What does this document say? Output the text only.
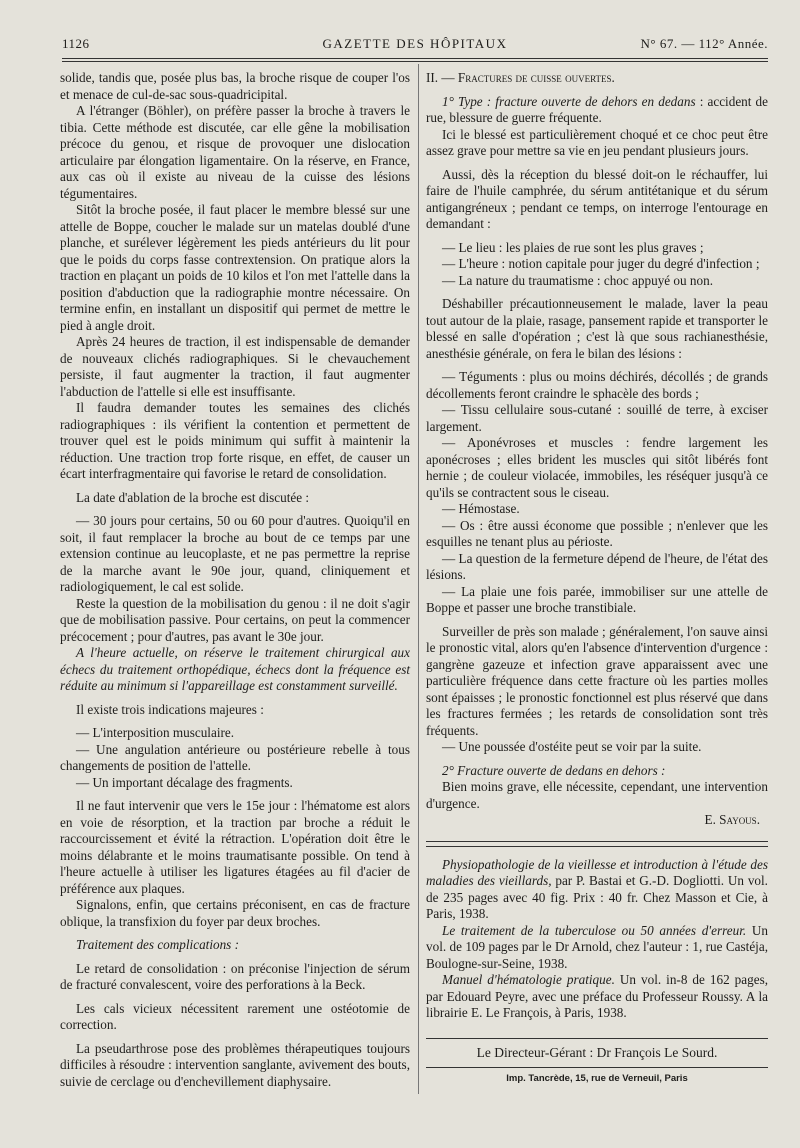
1126	GAZETTE DES HÔPITAUX	N° 67. — 112° Année.

solide, tandis que, posée plus bas, la broche risque de couper l'os et menace de cul-de-sac sous-quadricipital.

A l'étranger (Böhler), on préfère passer la broche à travers le tibia. Cette méthode est discutée, car elle gêne la mobilisation précoce du genou, et risque de provoquer une dislocation articulaire par élongation ligamentaire. On la réserve, en France, aux cas où il existe au niveau de la cuisse des lésions tégumentaires.

Sitôt la broche posée, il faut placer le membre blessé sur une attelle de Boppe, coucher le malade sur un matelas doublé d'une planche, et surélever légèrement les pieds antérieurs du lit pour que le poids du corps fasse contrextension. On pratique alors la traction en plaçant un poids de 10 kilos et l'on met l'attelle dans la position d'abduction que la radiographie montre nécessaire. On termine enfin, en installant un dispositif qui permet de mettre le pied à angle droit.

Après 24 heures de traction, il est indispensable de demander de nouveaux clichés radiographiques. Si le chevauchement persiste, il faut augmenter la traction, il faut augmenter l'abduction de l'attelle si elle est insuffisante.

Il faudra demander toutes les semaines des clichés radiographiques : ils vérifient la contention et permettent de trouver quel est le poids minimum qui suffit à maintenir la réduction. Une traction trop forte risque, en effet, de causer un écart interfragmentaire qui favorise le retard de consolidation.

La date d'ablation de la broche est discutée :

— 30 jours pour certains, 50 ou 60 pour d'autres. Quoiqu'il en soit, il faut remplacer la broche au bout de ce temps par une extension continue au leucoplaste, et ne pas permettre la reprise de la marche avant le 90e jour, quand, cliniquement et radiologiquement, le cal est solide.

Reste la question de la mobilisation du genou : il ne doit s'agir que de mobilisation passive. Pour certains, on peut la commencer précocement ; pour d'autres, pas avant le 30e jour.

A l'heure actuelle, on réserve le traitement chirurgical aux échecs du traitement orthopédique, échecs dont la fréquence est réduite au minimum si l'appareillage est constamment surveillé.

Il existe trois indications majeures :

— L'interposition musculaire.

— Une angulation antérieure ou postérieure rebelle à tous changements de position de l'attelle.

— Un important décalage des fragments.

Il ne faut intervenir que vers le 15e jour : l'hématome est alors en voie de résorption, et la traction par broche a réduit le raccourcissement et évité la rétraction. L'opération doit être le moins délabrante et le moins traumatisante possible. On tend à l'heure actuelle à utiliser les ligatures étagées au fil d'acier de préférence aux plaques.

Signalons, enfin, que certains préconisent, en cas de fracture oblique, la transfixion du foyer par deux broches.

Traitement des complications :

Le retard de consolidation : on préconise l'injection de sérum de fracturé convalescent, voire des perforations à la Beck.

Les cals vicieux nécessitent rarement une ostéotomie de correction.

La pseudarthrose pose des problèmes thérapeutiques toujours difficiles à résoudre : intervention sanglante, avivement des bouts, suivie de cerclage ou d'enchevillement diaphysaire.

II. — Fractures de cuisse ouvertes.

1° Type : fracture ouverte de dehors en dedans : accident de rue, blessure de guerre fréquente.

Ici le blessé est particulièrement choqué et ce choc peut être assez grave pour mettre sa vie en jeu pendant plusieurs jours.

Aussi, dès la réception du blessé doit-on le réchauffer, lui faire de l'huile camphrée, du sérum antitétanique et du sérum antigangréneux ; pendant ce temps, on interroge l'entourage en demandant :

— Le lieu : les plaies de rue sont les plus graves ;

— L'heure : notion capitale pour juger du degré d'infection ;

— La nature du traumatisme : choc appuyé ou non.

Déshabiller précautionneusement le malade, laver la peau tout autour de la plaie, rasage, pansement rapide et transporter le blessé en salle d'opération ; c'est là que sous rachianesthésie, anesthésie générale, on fera le bilan des lésions :

— Téguments : plus ou moins déchirés, décollés ; de grands décollements feront craindre le sphacèle des bords ;

— Tissu cellulaire sous-cutané : souillé de terre, à exciser largement.

— Aponévroses et muscles : fendre largement les aponécroses ; elles brident les muscles qui sitôt libérés font hernie ; de couleur violacée, immobiles, les réséquer jusqu'à ce qu'ils se contractent sous le ciseau.

— Hémostase.

— Os : être aussi économe que possible ; n'enlever que les esquilles ne tenant plus au périoste.

— La question de la fermeture dépend de l'heure, de l'état des lésions.

— La plaie une fois parée, immobiliser sur une attelle de Boppe et passer une broche transtibiale.

Surveiller de près son malade ; généralement, l'on sauve ainsi le pronostic vital, alors qu'en l'absence d'intervention d'urgence : gangrène gazeuze et infection grave apparaissent avec une particulière fréquence dans cette fracture où les parties molles sont épaisses ; le pronostic fonctionnel est plus réservé que dans les fractures fermées ; les retards de consolidation sont très fréquents.

— Une poussée d'ostéite peut se voir par la suite.

2° Fracture ouverte de dedans en dehors :

Bien moins grave, elle nécessite, cependant, une intervention d'urgence.

E. Sayous.

Physiopathologie de la vieillesse et introduction à l'étude des maladies des vieillards, par P. Bastai et G.-D. Dogliotti. Un vol. de 235 pages avec 40 fig. Prix : 40 fr. Chez Masson et Cie, à Paris, 1938.

Le traitement de la tuberculose ou 50 années d'erreur. Un vol. de 109 pages par le Dr Arnold, chez l'auteur : 1, rue Castéja, Boulogne-sur-Seine, 1938.

Manuel d'hématologie pratique. Un vol. in-8 de 162 pages, par Edouard Peyre, avec une préface du Professeur Roussy. A la librairie E. Le François, à Paris, 1938.

Le Directeur-Gérant : Dr François Le Sourd.
Imp. Tancrède, 15, rue de Verneuil, Paris
